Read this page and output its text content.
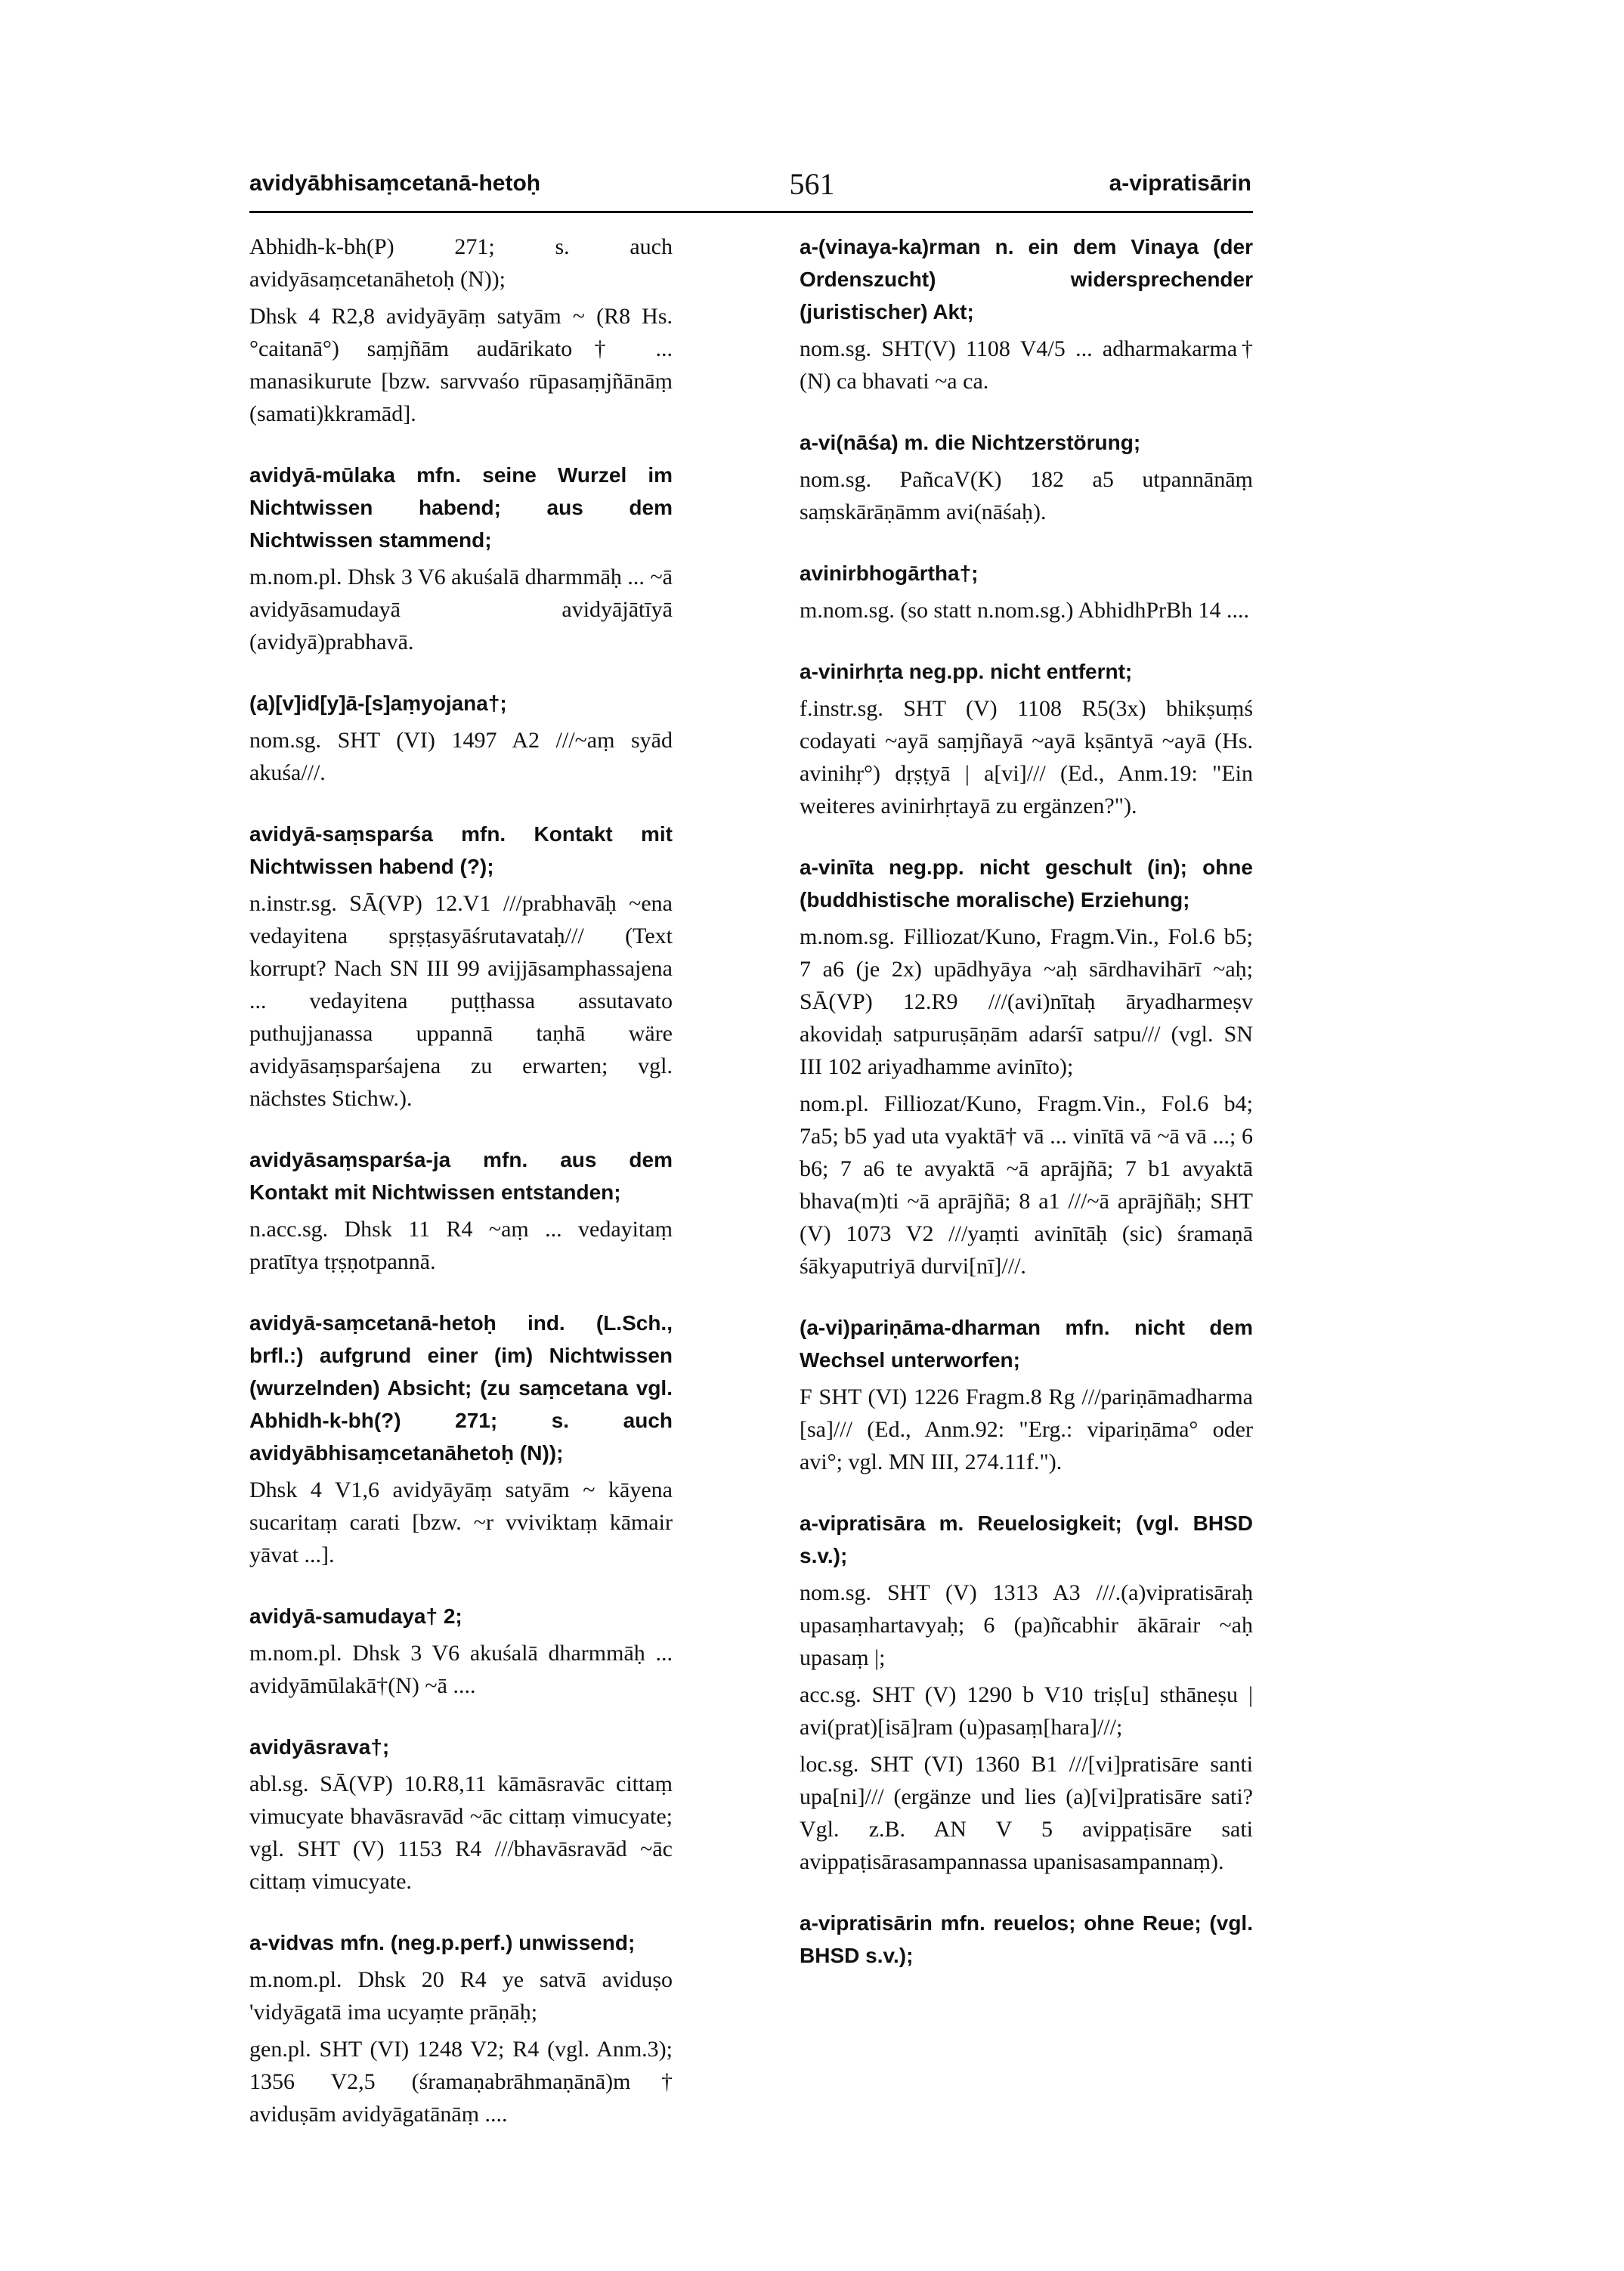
avidyābhisaṃcetanā-hetoḥ	561	a-vipratisārin
Abhidh-k-bh(P) 271; s. auch avidyāsaṃcetanāhetoḥ (N));
Dhsk 4 R2,8 avidyāyāṃ satyām ~ (R8 Hs. °caitanā°) saṃjñām audārikato† ... manasikurute [bzw. sarvvaśo rūpasaṃjñānāṃ (samati)kkramād].
avidyā-mūlaka mfn. seine Wurzel im Nichtwissen habend; aus dem Nichtwissen stammend;
m.nom.pl. Dhsk 3 V6 akuśalā dharmmāḥ ... ~ā avidyāsamudayā avidyājātīyā (avidyā)prabhavā.
(a)[v]id[y]ā-[s]aṃyojana†;
nom.sg. SHT (VI) 1497 A2 ///~aṃ syād akuśa///.
avidyā-saṃsparśa mfn. Kontakt mit Nichtwissen habend (?);
n.instr.sg. SĀ(VP) 12.V1 ///prabhavāḥ ~ena vedayitena spṛṣṭasyāśrutavataḥ/// (Text korrupt? Nach SN III 99 avijjāsamphassajena ... vedayitena puṭṭhassa assutavato puthujjanassa uppannā taṇhā wäre avidyāsaṃsparśajena zu erwarten; vgl. nächstes Stichw.).
avidyāsaṃsparśa-ja mfn. aus dem Kontakt mit Nichtwissen entstanden;
n.acc.sg. Dhsk 11 R4 ~aṃ ... vedayitaṃ pratītya tṛṣṇotpannā.
avidyā-saṃcetanā-hetoḥ ind. (L.Sch., brfl.:) aufgrund einer (im) Nichtwissen (wurzelnden) Absicht; (zu saṃcetana vgl. Abhidh-k-bh(?) 271; s. auch avidyābhisaṃcetanāhetoḥ (N));
Dhsk 4 V1,6 avidyāyāṃ satyām ~ kāyena sucaritaṃ carati [bzw. ~r vviviktaṃ kāmair yāvat ...].
avidyā-samudaya† 2;
m.nom.pl. Dhsk 3 V6 akuśalā dharmmāḥ ... avidyāmūlakā†(N) ~ā ....
avidyāsrava†;
abl.sg. SĀ(VP) 10.R8,11 kāmāsravāc cittaṃ vimucyate bhavāsravād ~āc cittaṃ vimucyate; vgl. SHT (V) 1153 R4 ///bhavāsravād ~āc cittaṃ vimucyate.
a-vidvas mfn. (neg.p.perf.) unwissend;
m.nom.pl. Dhsk 20 R4 ye satvā aviduṣo 'vidyāgatā ima ucyaṃte prāṇāḥ;
gen.pl. SHT (VI) 1248 V2; R4 (vgl. Anm.3); 1356 V2,5 (śramaṇabrāhmaṇānā)m† aviduṣām avidyāgatānāṃ ....
a-(vinaya-ka)rman n. ein dem Vinaya (der Ordenszucht) widersprechender (juristischer) Akt;
nom.sg. SHT(V) 1108 V4/5 ... adharmakarma† (N) ca bhavati ~a ca.
a-vi(nāśa) m. die Nichtzerstörung;
nom.sg. PañcaV(K) 182 a5 utpannānāṃ saṃskārāṇāmm avi(nāśaḥ).
avinirbhogārtha†;
m.nom.sg. (so statt n.nom.sg.) AbhidhPrBh 14 ....
a-vinirhṛta neg.pp. nicht entfernt;
f.instr.sg. SHT (V) 1108 R5(3x) bhikṣuṃś codayati ~ayā saṃjñayā ~ayā kṣāntyā ~ayā (Hs. avinihṛ°) dṛṣṭyā | a[vi]/// (Ed., Anm.19: "Ein weiteres avinirhṛtayā zu ergänzen?").
a-vinīta neg.pp. nicht geschult (in); ohne (buddhistische moralische) Erziehung;
m.nom.sg. Filliozat/Kuno, Fragm.Vin., Fol.6 b5; 7 a6 (je 2x) upādhyāya ~aḥ sārdhavihārī ~aḥ; SĀ(VP) 12.R9 ///(avi)nītaḥ āryadharmeṣv akovidaḥ satpuruṣāṇām adarśī satpu/// (vgl. SN III 102 ariyadhamme avinīto);
nom.pl. Filliozat/Kuno, Fragm.Vin., Fol.6 b4; 7a5; b5 yad uta vyaktā† vā ... vinītā vā ~ā vā ...; 6 b6; 7 a6 te avyaktā ~ā aprājñā; 7 b1 avyaktā bhava(m)ti ~ā aprājñā; 8 a1 ///~ā aprājñāḥ; SHT (V) 1073 V2 ///yaṃti avinītāḥ (sic) śramaṇā śākyaputriyā durvi[nī]///.
(a-vi)pariṇāma-dharman mfn. nicht dem Wechsel unterworfen;
F SHT (VI) 1226 Fragm.8 Rg ///pariṇāmadharma [sa]/// (Ed., Anm.92: "Erg.: vipariṇāma° oder avi°; vgl. MN III, 274.11f.").
a-vipratisāra m. Reuelosigkeit; (vgl. BHSD s.v.);
nom.sg. SHT (V) 1313 A3 ///.(a)vipratisāraḥ upasaṃhartavyaḥ; 6 (pa)ñcabhir ākārair ~aḥ upasaṃ |;
acc.sg. SHT (V) 1290 b V10 triṣ[u] sthāneṣu | avi(prat)[isā]ram (u)pasaṃ[hara]///;
loc.sg. SHT (VI) 1360 B1 ///[vi]pratisāre santi upa[ni]/// (ergänze und lies (a)[vi]pratisāre sati? Vgl. z.B. AN V 5 avippaṭisāre sati avippaṭisārasampannassa upanisasampannaṃ).
a-vipratisārin mfn. reuelos; ohne Reue; (vgl. BHSD s.v.);
